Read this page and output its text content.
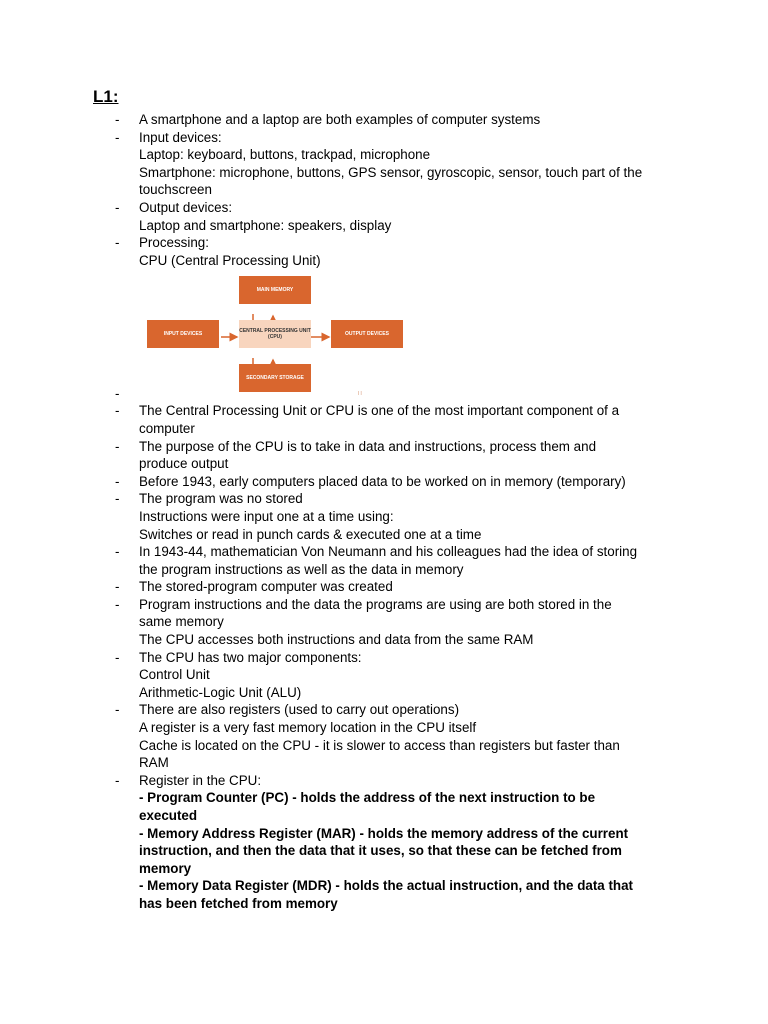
L1:
- A smartphone and a laptop are both examples of computer systems
- Input devices:
Laptop: keyboard, buttons, trackpad, microphone
Smartphone: microphone, buttons, GPS sensor, gyroscopic, sensor, touch part of the
touchscreen
- Output devices:
Laptop and smartphone: speakers, display
- Processing:
CPU (Central Processing Unit)
MAIN MEMORY
INPUT DEVICES	CENTRAL PROCESSING UNIT (CPU)	OUTPUT DEVICES
SECONDARY STORAGE
∷
-
- The Central Processing Unit or CPU is one of the most important component of a
computer
- The purpose of the CPU is to take in data and instructions, process them and
produce output
- Before 1943, early computers placed data to be worked on in memory (temporary)
- The program was no stored
Instructions were input one at a time using:
Switches or read in punch cards & executed one at a time
- In 1943-44, mathematician Von Neumann and his colleagues had the idea of storing
the program instructions as well as the data in memory
- The stored-program computer was created
- Program instructions and the data the programs are using are both stored in the
same memory
The CPU accesses both instructions and data from the same RAM
- The CPU has two major components:
Control Unit
Arithmetic-Logic Unit (ALU)
- There are also registers (used to carry out operations)
A register is a very fast memory location in the CPU itself
Cache is located on the CPU - it is slower to access than registers but faster than
RAM
- Register in the CPU:
- Program Counter (PC) - holds the address of the next instruction to be
executed
- Memory Address Register (MAR) - holds the memory address of the current
instruction, and then the data that it uses, so that these can be fetched from
memory
- Memory Data Register (MDR) - holds the actual instruction, and the data that
has been fetched from memory
